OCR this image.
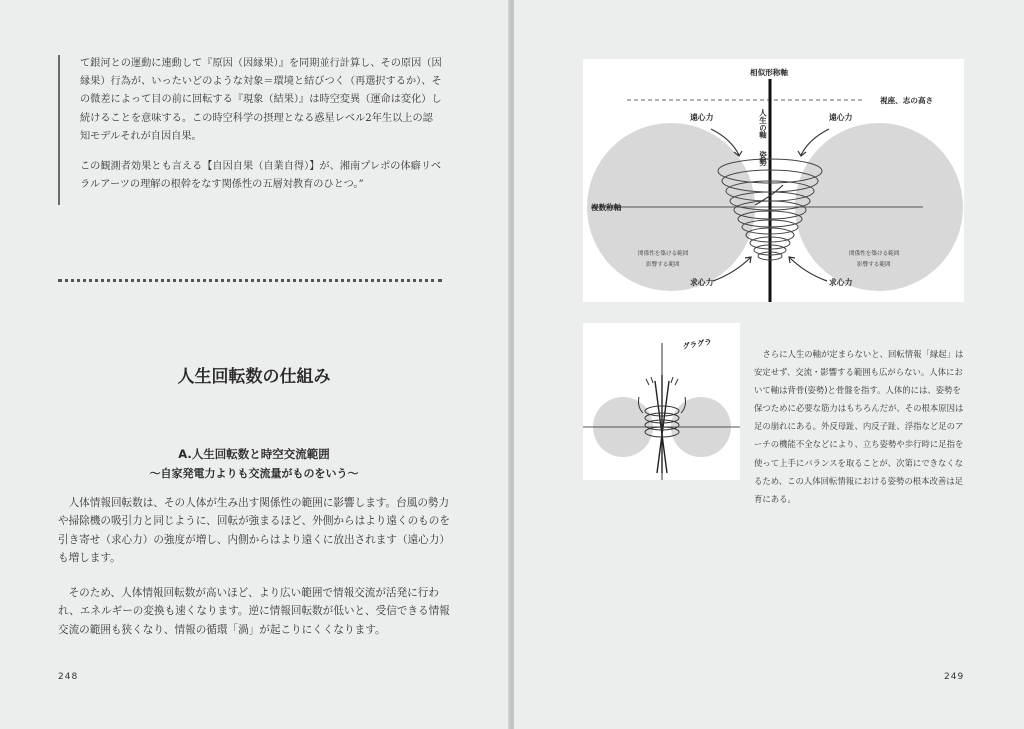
て銀河との運動に連動して『原因（因縁果）』を同期並行計算し、その原因（因縁果）行為が、いったいどのような対象＝環境と結びつく（再選択するか）、その微差によって目の前に回転する『現象（結果）』は時空変異（運命は変化）し続けることを意味する。この時空科学の摂理となる惑星レベル2年生以上の認知モデルそれが自因自果。

この観測者効果とも言える【自因自果（自業自得）】が、湘南プレポの体癖リベラルアーツの理解の根幹をなす関係性の五層対教育のひとつ。”

人生回転数の仕組み
A.人生回転数と時空交流範囲
〜自家発電力よりも交流量がものをいう〜

人体情報回転数は、その人体が生み出す関係性の範囲に影響します。台風の勢力や掃除機の吸引力と同じように、回転が強まるほど、外側からはより遠くのものを引き寄せ（求心力）の強度が増し、内側からはより遠くに放出されます（遠心力）も増します。

そのため、人体情報回転数が高いほど、より広い範囲で情報交流が活発に行われ、エネルギーの変換も速くなります。逆に情報回転数が低いと、受信できる情報交流の範囲も狭くなり、情報の循環「渦」が起こりにくくなります。

248
相似形称軸
視座、志の高さ
複数称軸
遠心力	遠心力
求心力	求心力
関係性を築ける範囲
影響する範囲
関係性を築ける範囲
影響する範囲
人生の軸
姿勢
グラグラ

さらに人生の軸が定まらないと、回転情報「縁起」は安定せず、交流・影響する範囲も広がらない。人体において軸は背骨(姿勢)と骨盤を指す。人体的には、姿勢を保つために必要な筋力はもちろんだが、その根本原因は足の崩れにある。外反母趾、内反子趾、浮指など足のアーチの機能不全などにより、立ち姿勢や歩行時に足指を使って上手にバランスを取ることが、次第にできなくなるため、この人体回転情報における姿勢の根本改善は足育にある。

249
